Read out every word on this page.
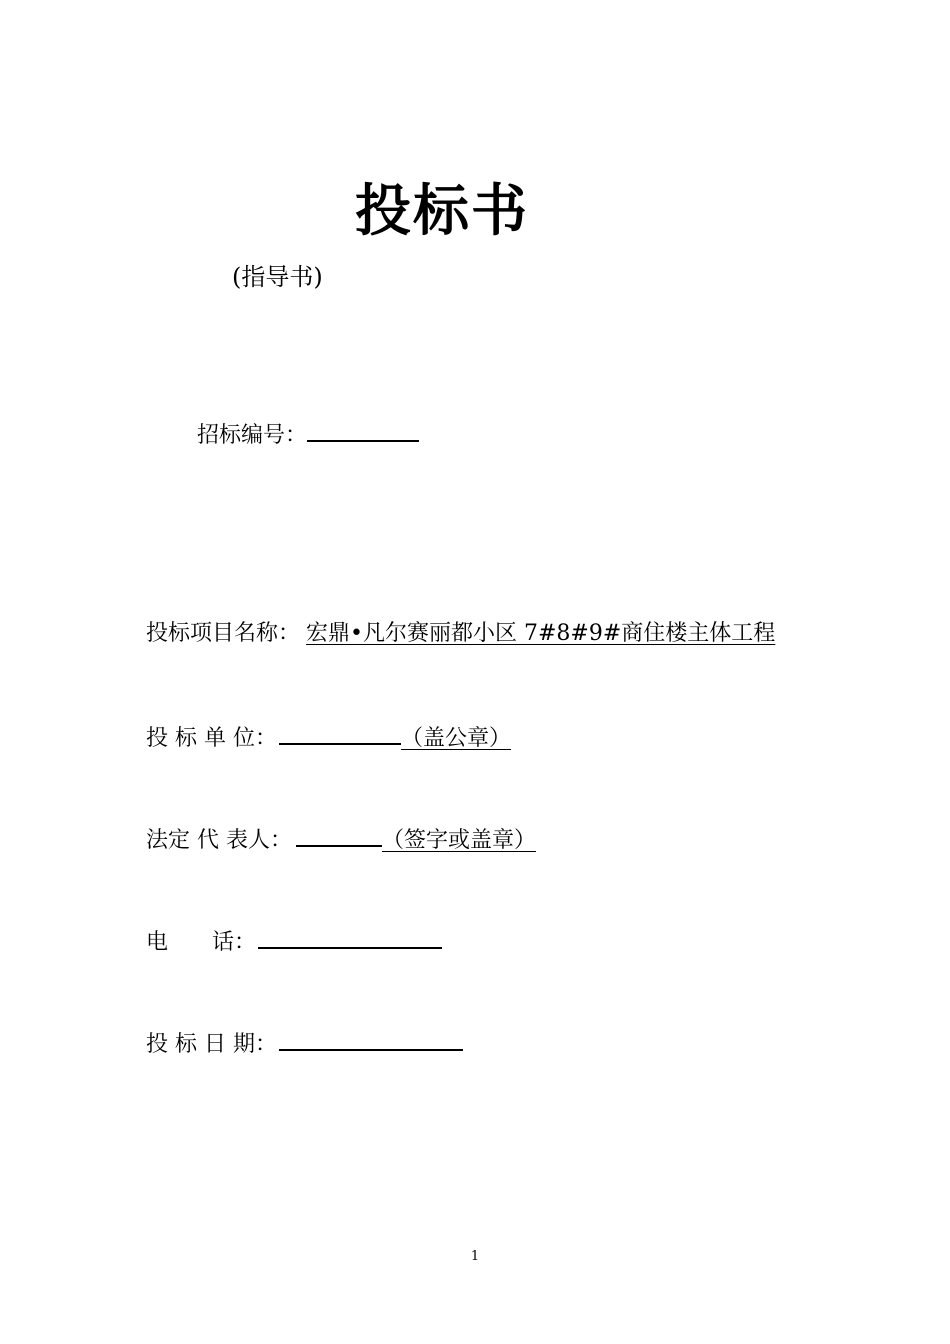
投标书
(指导书)
招标编号：
投标项目名称： 宏鼎•凡尔赛丽都小区 7#8#9#商住楼主体工程
投 标 单 位：	（盖公章）
法定 代 表人：	（签字或盖章）
电　　话：
投 标 日 期：
1
